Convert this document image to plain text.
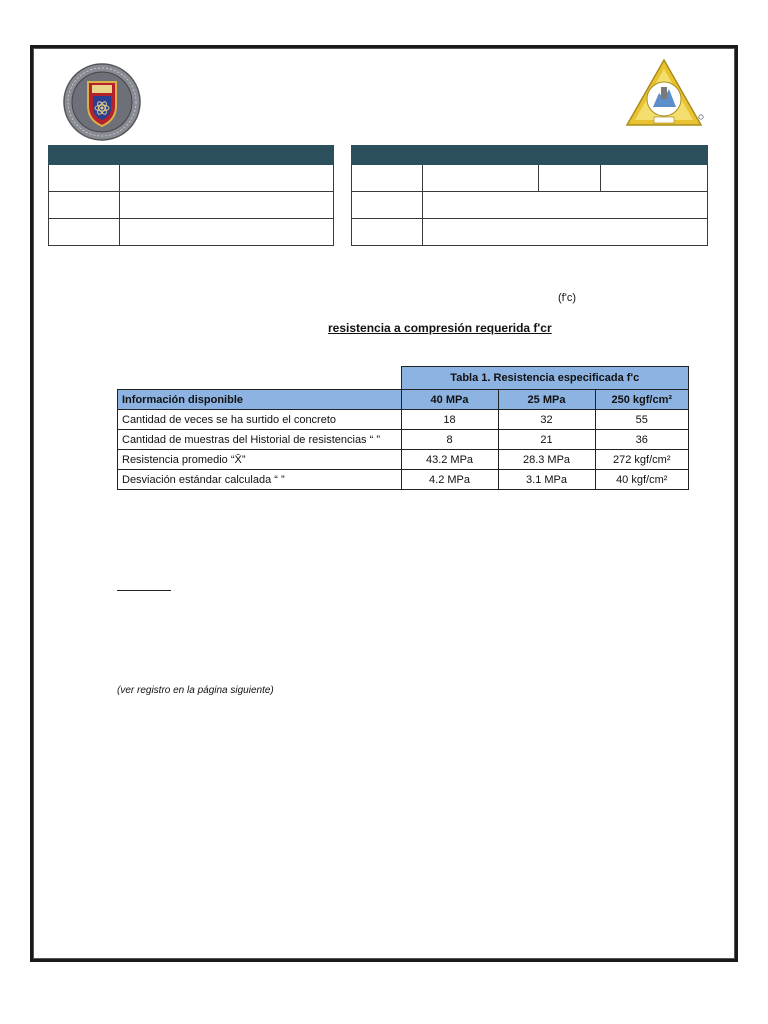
(f'c)
resistencia a compresión requerida f'cr
	Tabla 1. Resistencia especificada f'c		
Información disponible	40 MPa	25 MPa	250 kgf/cm²
Cantidad de veces se ha surtido el concreto	18	32	55
Cantidad de muestras del Historial de resistencias “ ”	8	21	36
Resistencia promedio “X̄”	43.2 MPa	28.3 MPa	272 kgf/cm²
Desviación estándar calculada “ ”	4.2 MPa	3.1 MPa	40 kgf/cm²
(ver registro en la página siguiente)
